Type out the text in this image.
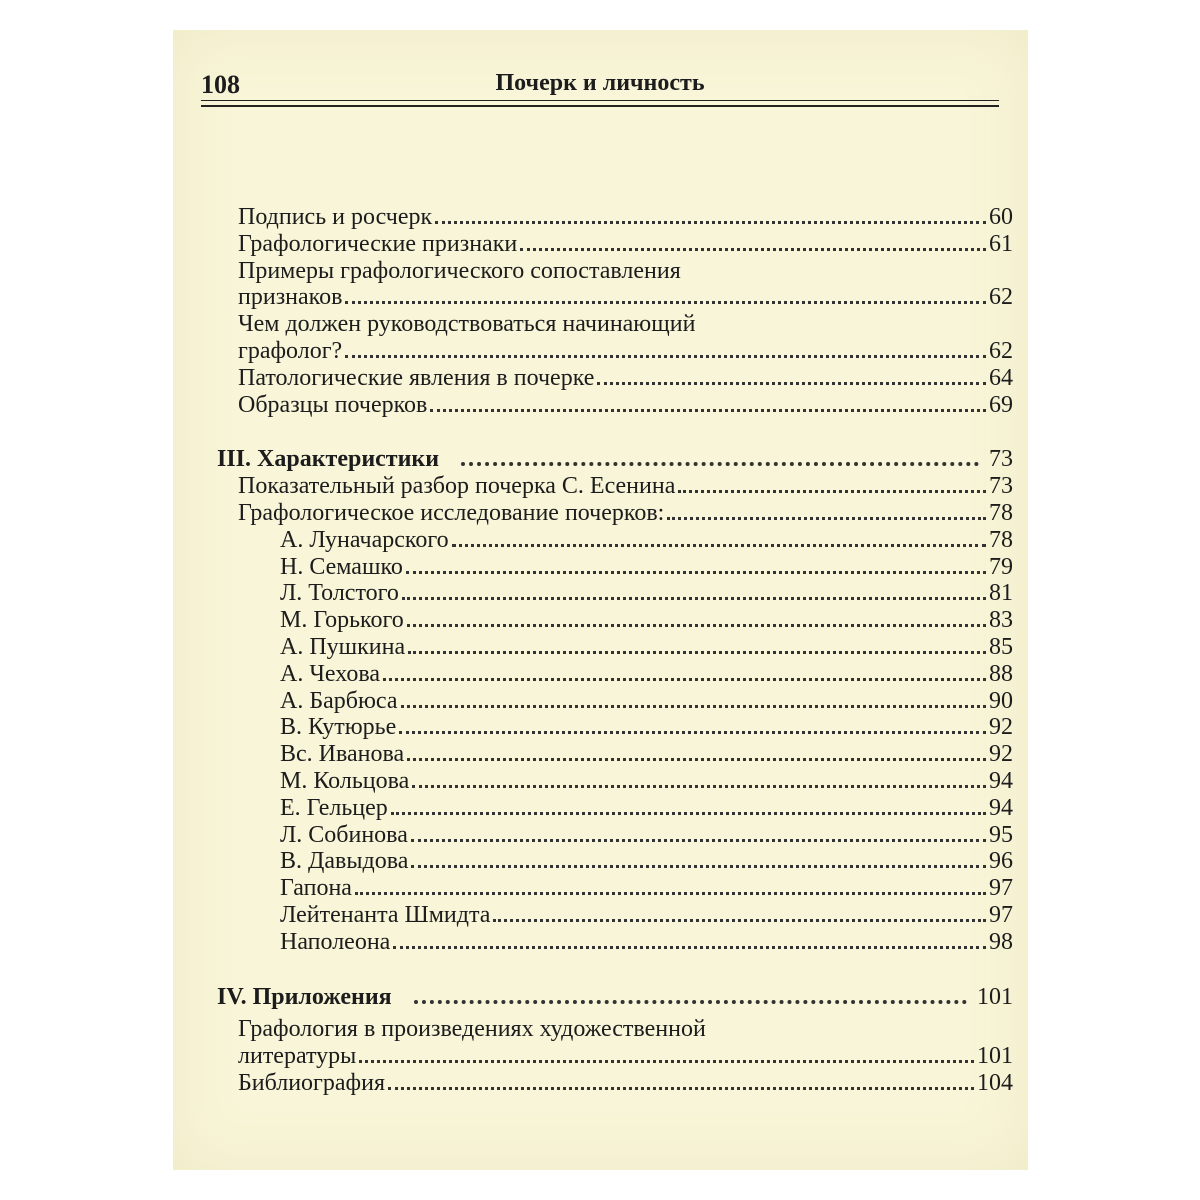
108	Почерк и личность
Подпись и росчерк	60
Графологические признаки	61
Примеры графологического сопоставления
признаков	62
Чем должен руководствоваться начинающий
графолог?	62
Патологические явления в почерке	64
Образцы почерков	69
III. Характеристики	73
Показательный разбор почерка С. Есенина	73
Графологическое исследование почерков:	78
А. Луначарского	78
Н. Семашко	79
Л. Толстого	81
М. Горького	83
А. Пушкина	85
А. Чехова	88
А. Барбюса	90
В. Кутюрье	92
Вс. Иванова	92
М. Кольцова	94
Е. Гельцер	94
Л. Собинова	95
В. Давыдова	96
Гапона	97
Лейтенанта Шмидта	97
Наполеона	98
IV. Приложения	101
Графология в произведениях художественной
литературы	101
Библиография	104
